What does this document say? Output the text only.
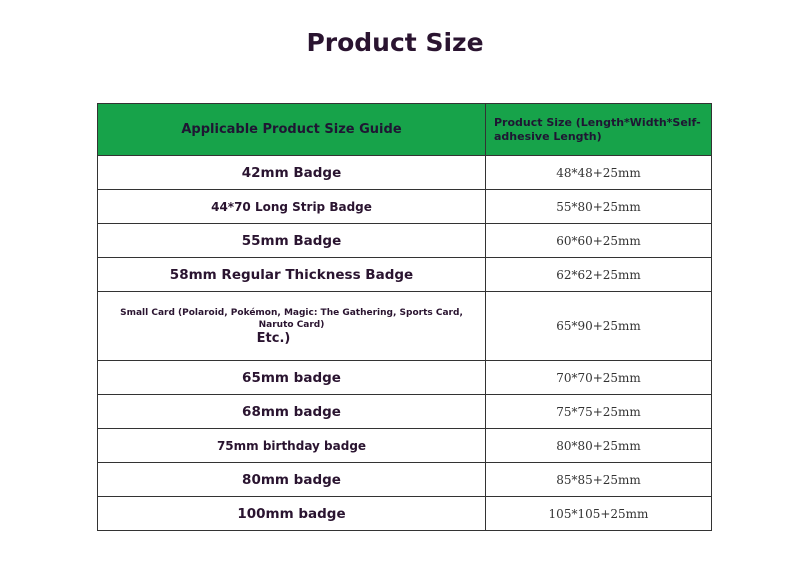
Product Size
Applicable Product Size Guide	Product Size (Length*Width*Self-adhesive Length)
42mm Badge	48*48+25mm
44*70 Long Strip Badge	55*80+25mm
55mm Badge	60*60+25mm
58mm Regular Thickness Badge	62*62+25mm

Small Card (Polaroid, Pokémon, Magic: The Gathering, Sports Card, Naruto Card)
Etc.)	65*90+25mm
65mm badge	70*70+25mm
68mm badge	75*75+25mm
75mm birthday badge	80*80+25mm
80mm badge	85*85+25mm
100mm badge	105*105+25mm
